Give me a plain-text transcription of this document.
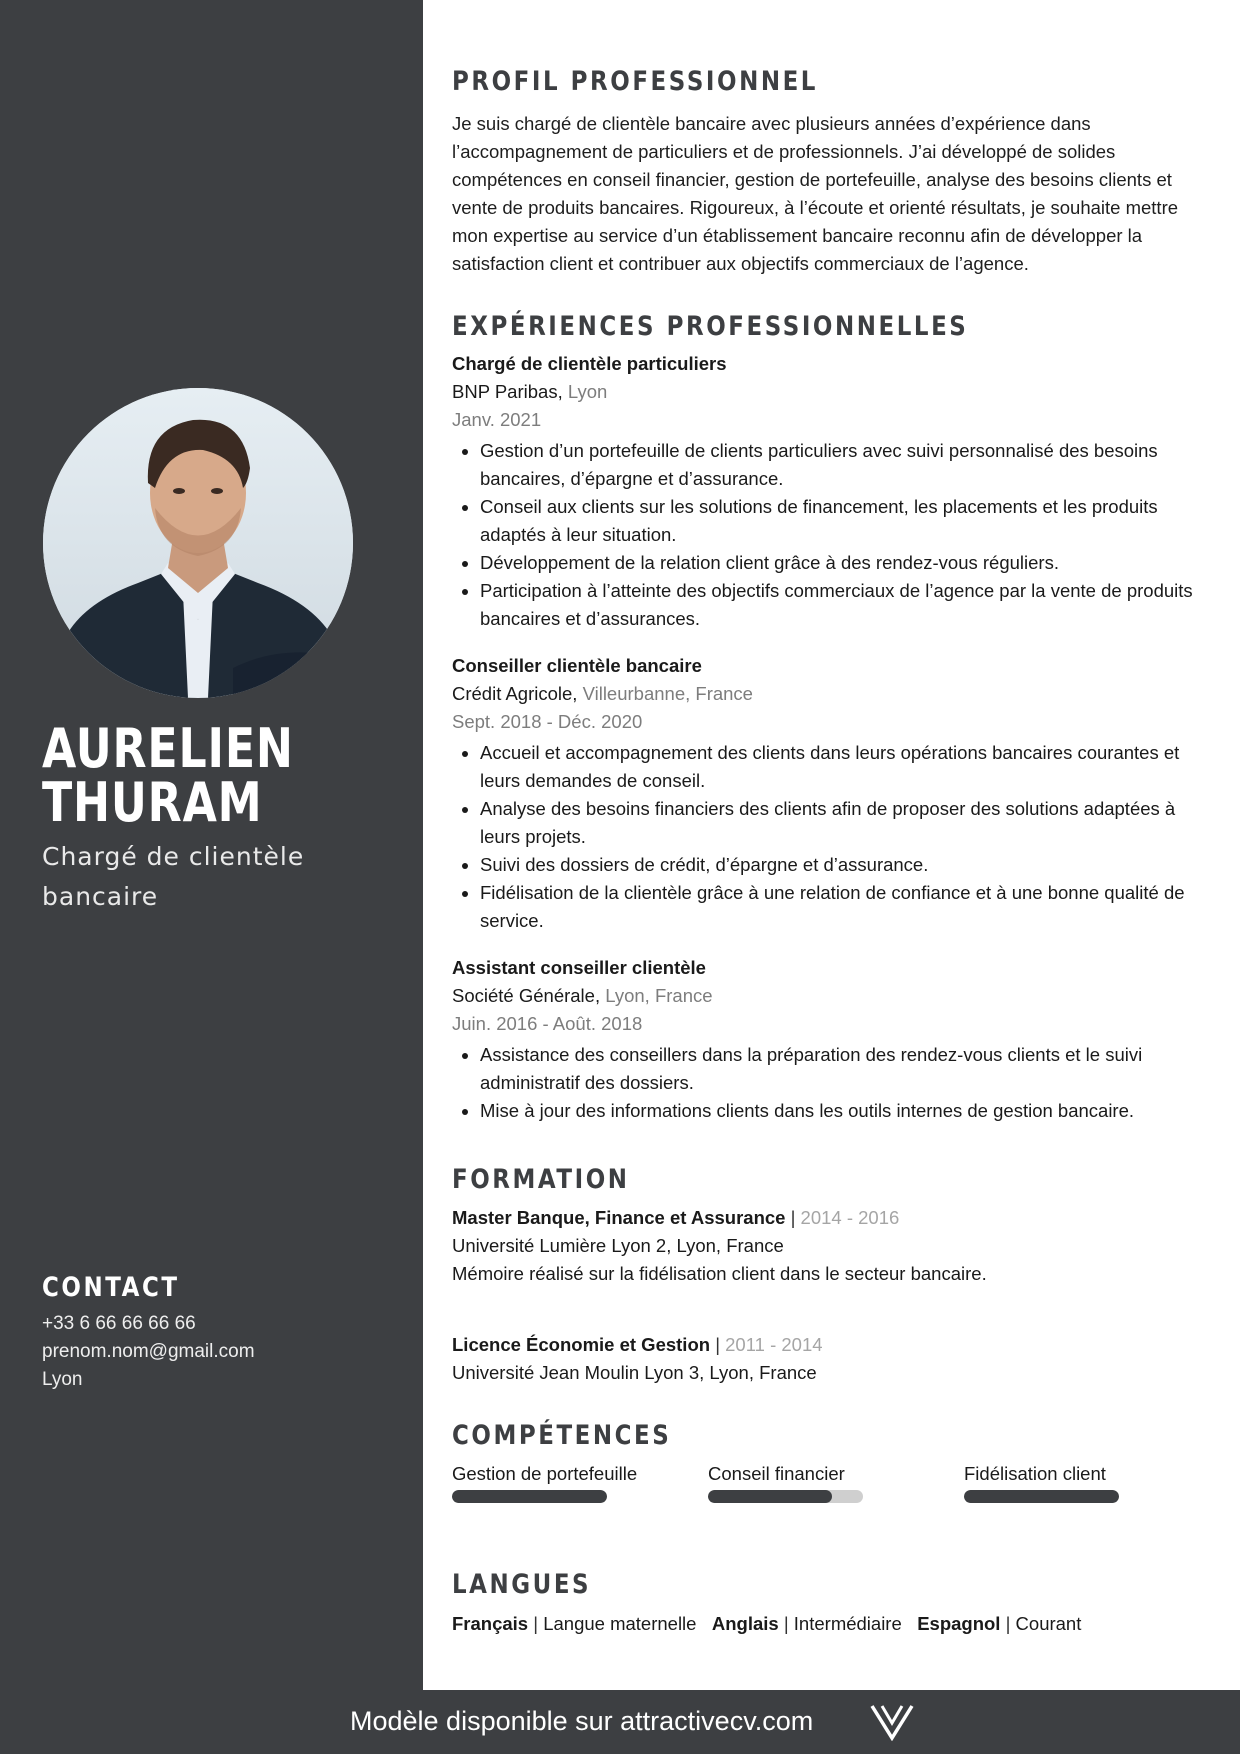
AURELIEN
THURAM
Chargé de clientèle bancaire
CONTACT
+33 6 66 66 66 66
prenom.nom@gmail.com
Lyon
PROFIL PROFESSIONNEL
Je suis chargé de clientèle bancaire avec plusieurs années d’expérience dans l’accompagnement de particuliers et de professionnels. J’ai développé de solides compétences en conseil financier, gestion de portefeuille, analyse des besoins clients et vente de produits bancaires. Rigoureux, à l’écoute et orienté résultats, je souhaite mettre mon expertise au service d’un établissement bancaire reconnu afin de développer la satisfaction client et contribuer aux objectifs commerciaux de l’agence.
EXPÉRIENCES PROFESSIONNELLES
Chargé de clientèle particuliers
BNP Paribas, Lyon
Janv. 2021
• Gestion d’un portefeuille de clients particuliers avec suivi personnalisé des besoins bancaires, d’épargne et d’assurance.
• Conseil aux clients sur les solutions de financement, les placements et les produits adaptés à leur situation.
• Développement de la relation client grâce à des rendez-vous réguliers.
• Participation à l’atteinte des objectifs commerciaux de l’agence par la vente de produits bancaires et d’assurances.
Conseiller clientèle bancaire
Crédit Agricole, Villeurbanne, France
Sept. 2018 - Déc. 2020
• Accueil et accompagnement des clients dans leurs opérations bancaires courantes et leurs demandes de conseil.
• Analyse des besoins financiers des clients afin de proposer des solutions adaptées à leurs projets.
• Suivi des dossiers de crédit, d’épargne et d’assurance.
• Fidélisation de la clientèle grâce à une relation de confiance et à une bonne qualité de service.
Assistant conseiller clientèle
Société Générale, Lyon, France
Juin. 2016 - Août. 2018
• Assistance des conseillers dans la préparation des rendez-vous clients et le suivi administratif des dossiers.
• Mise à jour des informations clients dans les outils internes de gestion bancaire.
FORMATION
Master Banque, Finance et Assurance | 2014 - 2016
Université Lumière Lyon 2, Lyon, France
Mémoire réalisé sur la fidélisation client dans le secteur bancaire.
Licence Économie et Gestion | 2011 - 2014
Université Jean Moulin Lyon 3, Lyon, France
COMPÉTENCES
Gestion de portefeuille	Conseil financier	Fidélisation client
LANGUES
Français | Langue maternelle Anglais | Intermédiaire Espagnol | Courant
Modèle disponible sur attractivecv.com
